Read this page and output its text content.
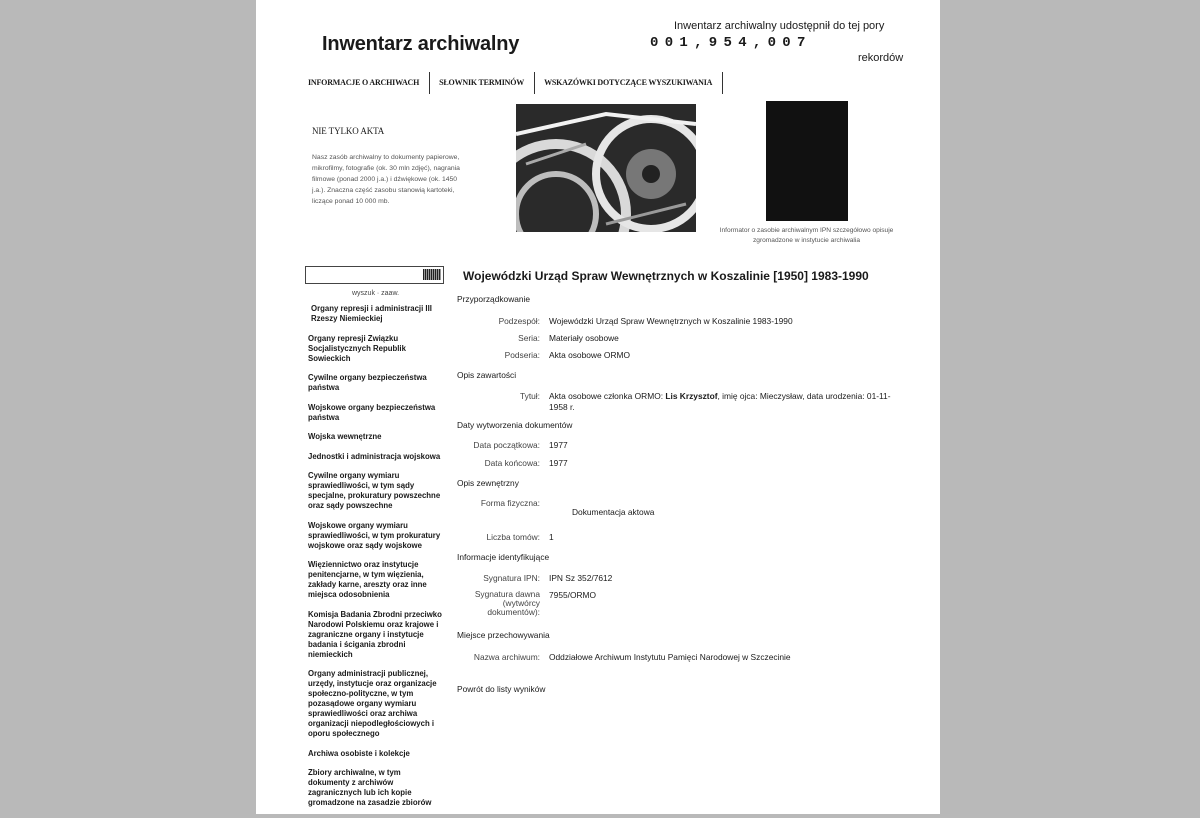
Inwentarz archiwalny
Inwentarz archiwalny udostępnił do tej pory
001,954,007
rekordów
INFORMACJE O ARCHIWACH	SŁOWNIK TERMINÓW	WSKAZÓWKI DOTYCZĄCE WYSZUKIWANIA
NIE TYLKO AKTA
Nasz zasób archiwalny to dokumenty papierowe, mikrofilmy, fotografie (ok. 30 mln zdjęć), nagrania filmowe (ponad 2000 j.a.) i dźwiękowe (ok. 1450 j.a.). Znaczna część zasobu stanowią kartoteki, liczące ponad 10 000 mb.
Informator o zasobie archiwalnym IPN szczegółowo opisuje zgromadzone w instytucie archiwalia
wyszuk · zaaw.
Organy represji i administracji III Rzeszy Niemieckiej
Organy represji Związku Socjalistycznych Republik Sowieckich
Cywilne organy bezpieczeństwa państwa
Wojskowe organy bezpieczeństwa państwa
Wojska wewnętrzne
Jednostki i administracja wojskowa
Cywilne organy wymiaru sprawiedliwości, w tym sądy specjalne, prokuratury powszechne oraz sądy powszechne
Wojskowe organy wymiaru sprawiedliwości, w tym prokuratury wojskowe oraz sądy wojskowe
Więziennictwo oraz instytucje penitencjarne, w tym więzienia, zakłady karne, areszty oraz inne miejsca odosobnienia
Komisja Badania Zbrodni przeciwko Narodowi Polskiemu oraz krajowe i zagraniczne organy i instytucje badania i ścigania zbrodni niemieckich
Organy administracji publicznej, urzędy, instytucje oraz organizacje społeczno-polityczne, w tym pozasądowe organy wymiaru sprawiedliwości oraz archiwa organizacji niepodległościowych i oporu społecznego
Archiwa osobiste i kolekcje
Zbiory archiwalne, w tym dokumenty z archiwów zagranicznych lub ich kopie gromadzone na zasadzie zbiorów
Wojewódzki Urząd Spraw Wewnętrznych w Koszalinie [1950] 1983-1990
Przyporządkowanie
Podzespół: Wojewódzki Urząd Spraw Wewnętrznych w Koszalinie 1983-1990
Seria: Materiały osobowe
Podseria: Akta osobowe ORMO
Opis zawartości
Tytuł: Akta osobowe członka ORMO: Lis Krzysztof, imię ojca: Mieczysław, data urodzenia: 01-11-1958 r.
Daty wytworzenia dokumentów
Data początkowa: 1977
Data końcowa: 1977
Opis zewnętrzny
Forma fizyczna:
Dokumentacja aktowa
Liczba tomów: 1
Informacje identyfikujące
Sygnatura IPN: IPN Sz 352/7612
Sygnatura dawna (wytwórcy dokumentów):
7955/ORMO
Miejsce przechowywania
Nazwa archiwum: Oddziałowe Archiwum Instytutu Pamięci Narodowej w Szczecinie
Powrót do listy wyników
